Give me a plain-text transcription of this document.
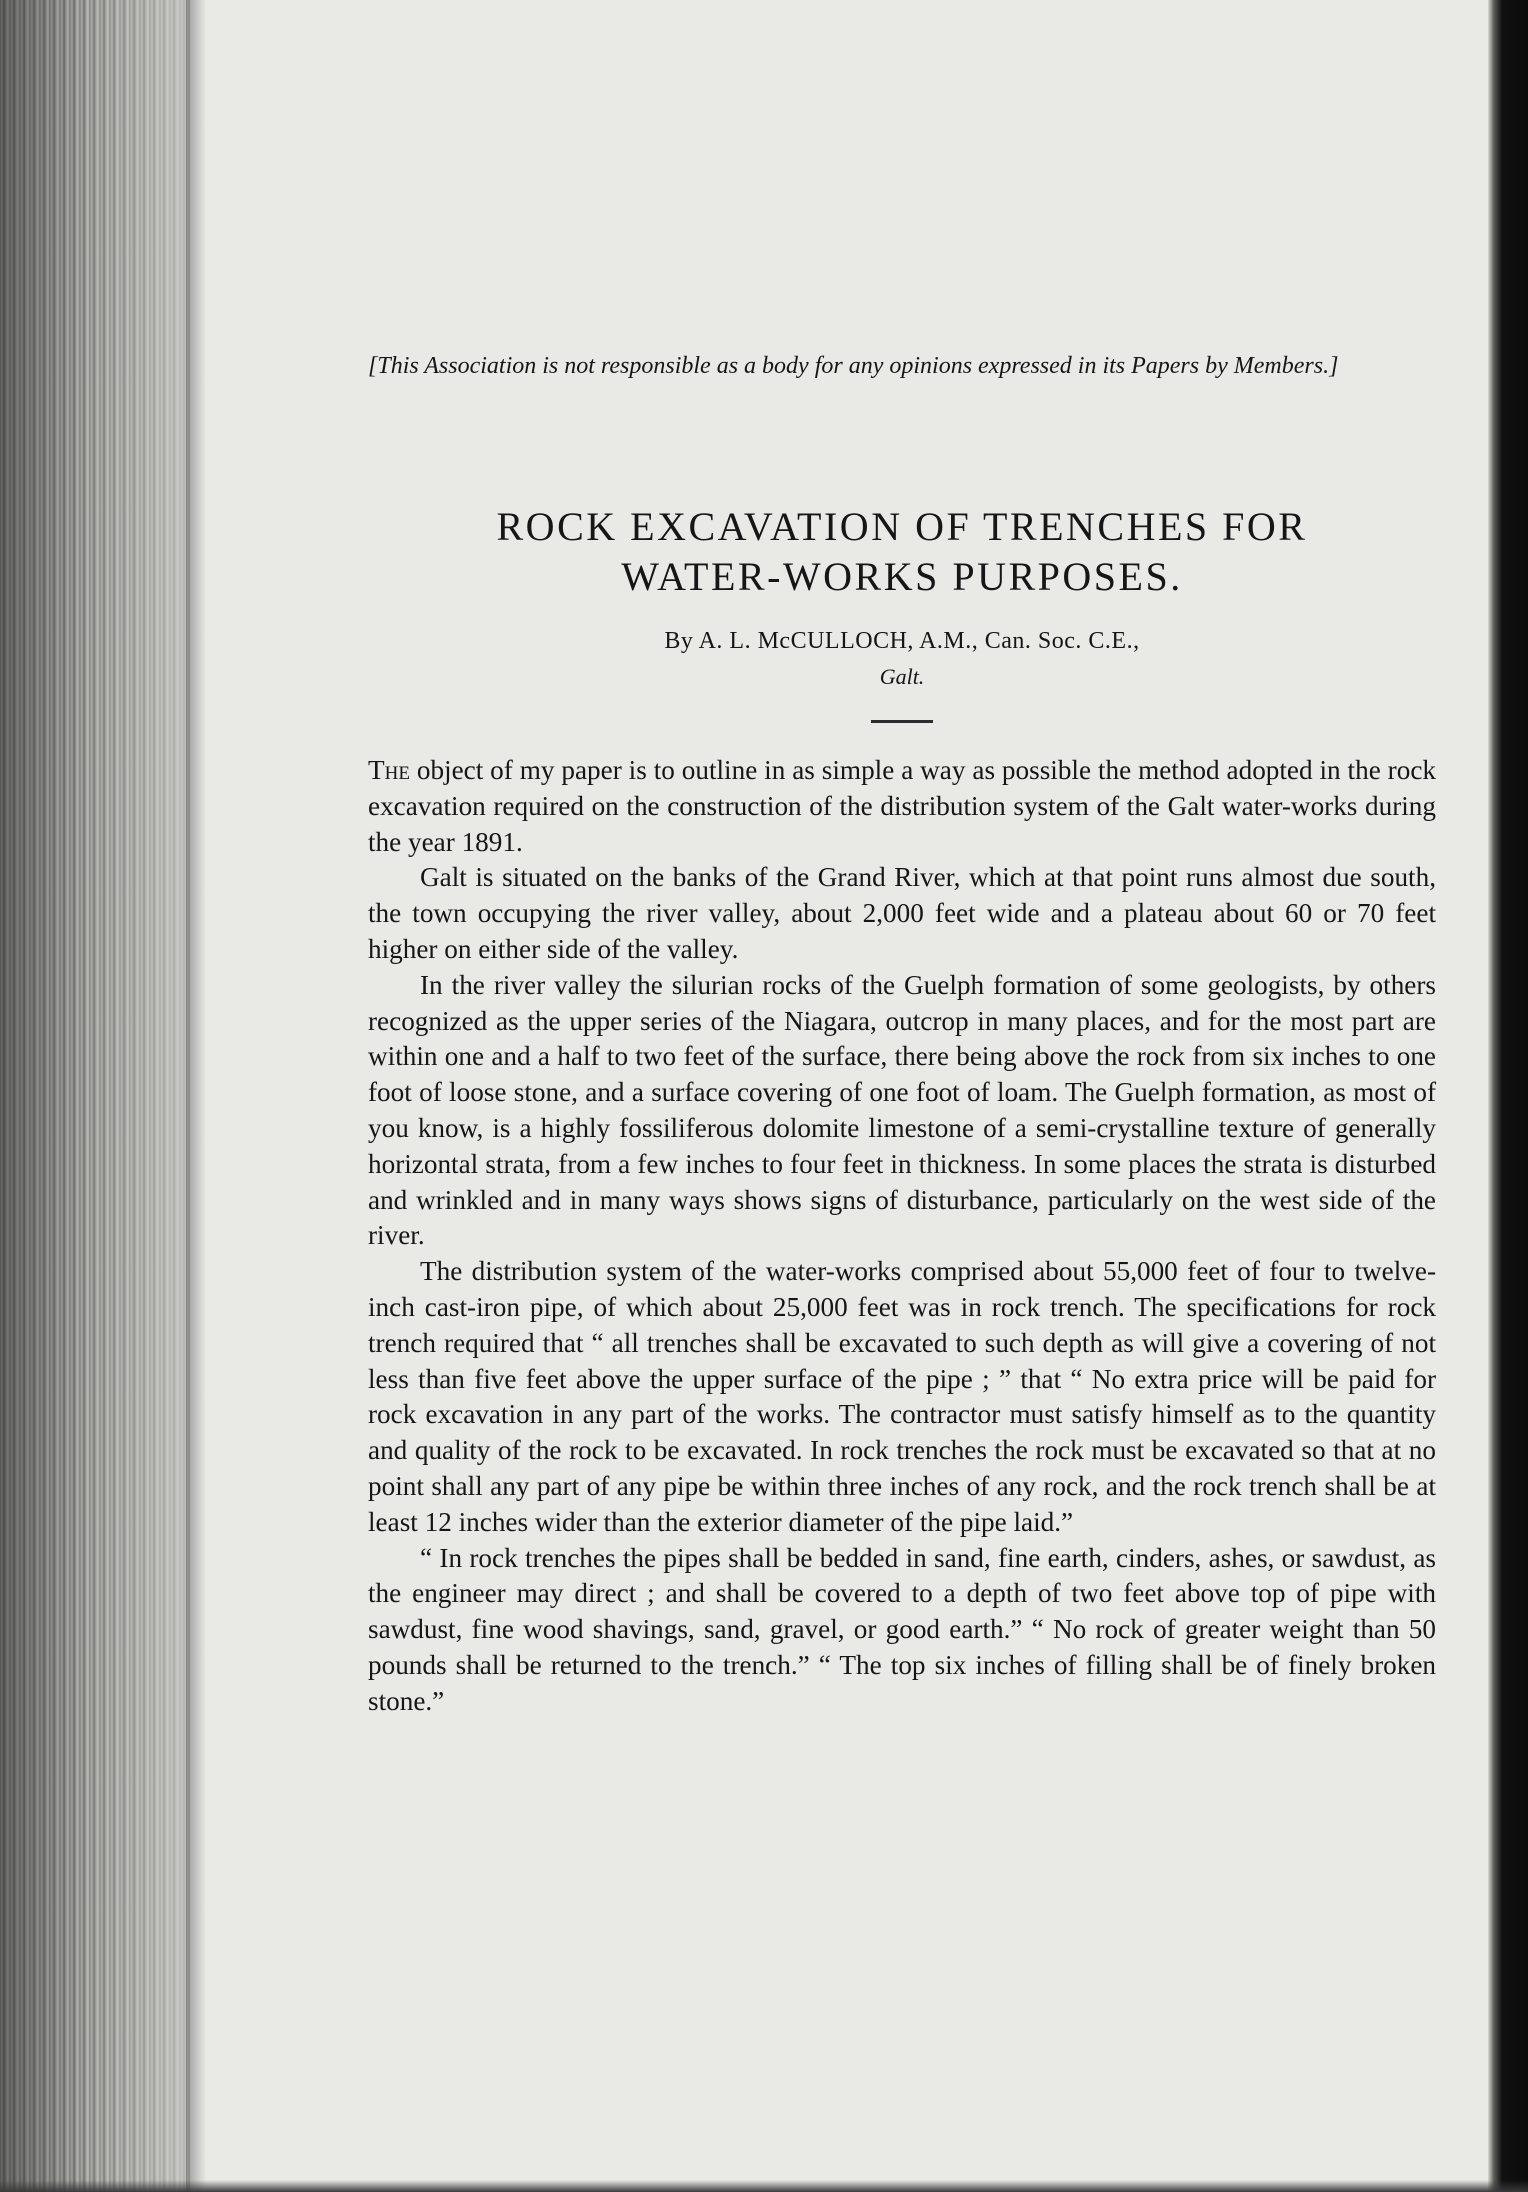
[This Association is not responsible as a body for any opinions expressed in its Papers by Members.]

ROCK EXCAVATION OF TRENCHES FOR
WATER-WORKS PURPOSES.
By A. L. McCULLOCH, A.M., Can. Soc. C.E.,
Galt.

The object of my paper is to outline in as simple a way as possible the method adopted in the rock excavation required on the construction of the distribution system of the Galt water-works during the year 1891.

Galt is situated on the banks of the Grand River, which at that point runs almost due south, the town occupying the river valley, about 2,000 feet wide and a plateau about 60 or 70 feet higher on either side of the valley.

In the river valley the silurian rocks of the Guelph formation of some geologists, by others recognized as the upper series of the Niagara, outcrop in many places, and for the most part are within one and a half to two feet of the surface, there being above the rock from six inches to one foot of loose stone, and a surface covering of one foot of loam. The Guelph formation, as most of you know, is a highly fossiliferous dolomite limestone of a semi-crystalline texture of generally horizontal strata, from a few inches to four feet in thickness. In some places the strata is disturbed and wrinkled and in many ways shows signs of disturbance, particularly on the west side of the river.

The distribution system of the water-works comprised about 55,000 feet of four to twelve-inch cast-iron pipe, of which about 25,000 feet was in rock trench. The specifications for rock trench required that “ all trenches shall be excavated to such depth as will give a covering of not less than five feet above the upper surface of the pipe ; ” that “ No extra price will be paid for rock excavation in any part of the works. The contractor must satisfy himself as to the quantity and quality of the rock to be excavated. In rock trenches the rock must be excavated so that at no point shall any part of any pipe be within three inches of any rock, and the rock trench shall be at least 12 inches wider than the exterior diameter of the pipe laid.”

“ In rock trenches the pipes shall be bedded in sand, fine earth, cinders, ashes, or sawdust, as the engineer may direct ; and shall be covered to a depth of two feet above top of pipe with sawdust, fine wood shavings, sand, gravel, or good earth.” “ No rock of greater weight than 50 pounds shall be returned to the trench.” “ The top six inches of filling shall be of finely broken stone.”
